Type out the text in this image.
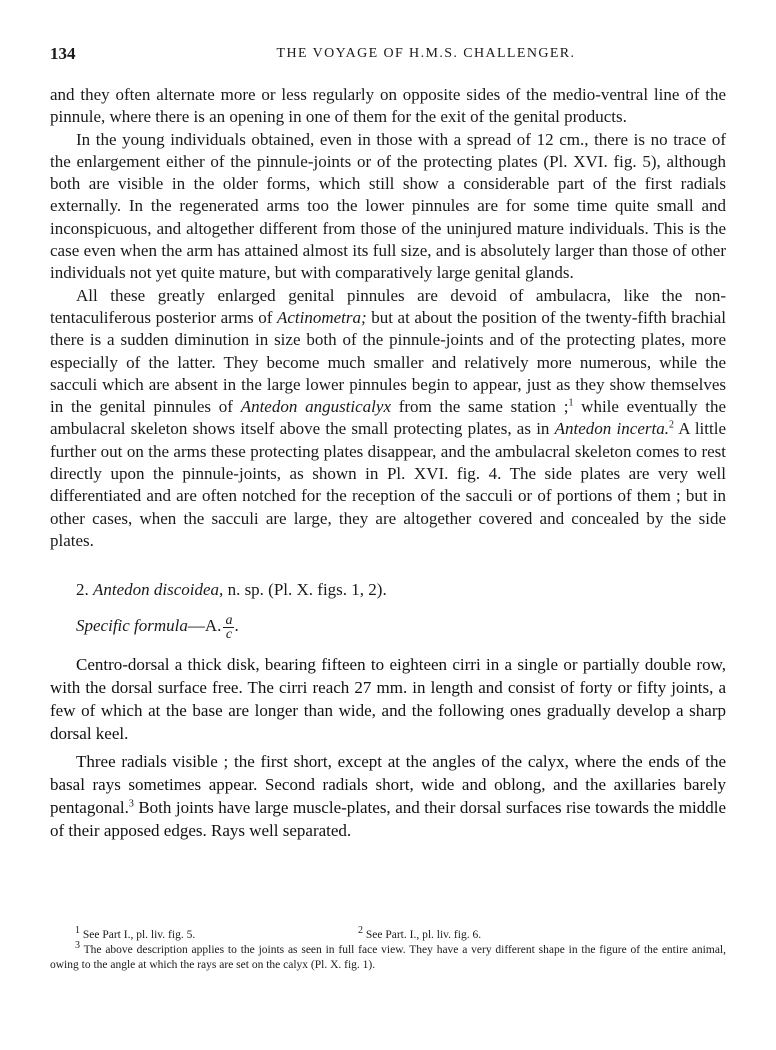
134	THE VOYAGE OF H.M.S. CHALLENGER.

and they often alternate more or less regularly on opposite sides of the medio-ventral line of the pinnule, where there is an opening in one of them for the exit of the genital products.

In the young individuals obtained, even in those with a spread of 12 cm., there is no trace of the enlargement either of the pinnule-joints or of the protecting plates (Pl. XVI. fig. 5), although both are visible in the older forms, which still show a considerable part of the first radials externally. In the regenerated arms too the lower pinnules are for some time quite small and inconspicuous, and altogether different from those of the uninjured mature individuals. This is the case even when the arm has attained almost its full size, and is absolutely larger than those of other individuals not yet quite mature, but with comparatively large genital glands.

All these greatly enlarged genital pinnules are devoid of ambulacra, like the non-tentaculiferous posterior arms of Actinometra; but at about the position of the twenty-fifth brachial there is a sudden diminution in size both of the pinnule-joints and of the protecting plates, more especially of the latter. They become much smaller and relatively more numerous, while the sacculi which are absent in the large lower pinnules begin to appear, just as they show themselves in the genital pinnules of Antedon angusticalyx from the same station ;$^1$ while eventually the ambulacral skeleton shows itself above the small protecting plates, as in Antedon incerta.$^2$ A little further out on the arms these protecting plates disappear, and the ambulacral skeleton comes to rest directly upon the pinnule-joints, as shown in Pl. XVI. fig. 4. The side plates are very well differentiated and are often notched for the reception of the sacculi or of portions of them ; but in other cases, when the sacculi are large, they are altogether covered and concealed by the side plates.

2. Antedon discoidea, n. sp. (Pl. X. figs. 1, 2).

Specific formula—A. $\frac{a}{c}$ .

Centro-dorsal a thick disk, bearing fifteen to eighteen cirri in a single or partially double row, with the dorsal surface free. The cirri reach 27 mm. in length and consist of forty or fifty joints, a few of which at the base are longer than wide, and the following ones gradually develop a sharp dorsal keel.

Three radials visible ; the first short, except at the angles of the calyx, where the ends of the basal rays sometimes appear. Second radials short, wide and oblong, and the axillaries barely pentagonal.$^3$ Both joints have large muscle-plates, and their dorsal surfaces rise towards the middle of their apposed edges. Rays well separated.

1 See Part I., pl. liv. fig. 5.	2 See Part. I., pl. liv. fig. 6.

3 The above description applies to the joints as seen in full face view. They have a very different shape in the figure of the entire animal, owing to the angle at which the rays are set on the calyx (Pl. X. fig. 1).
